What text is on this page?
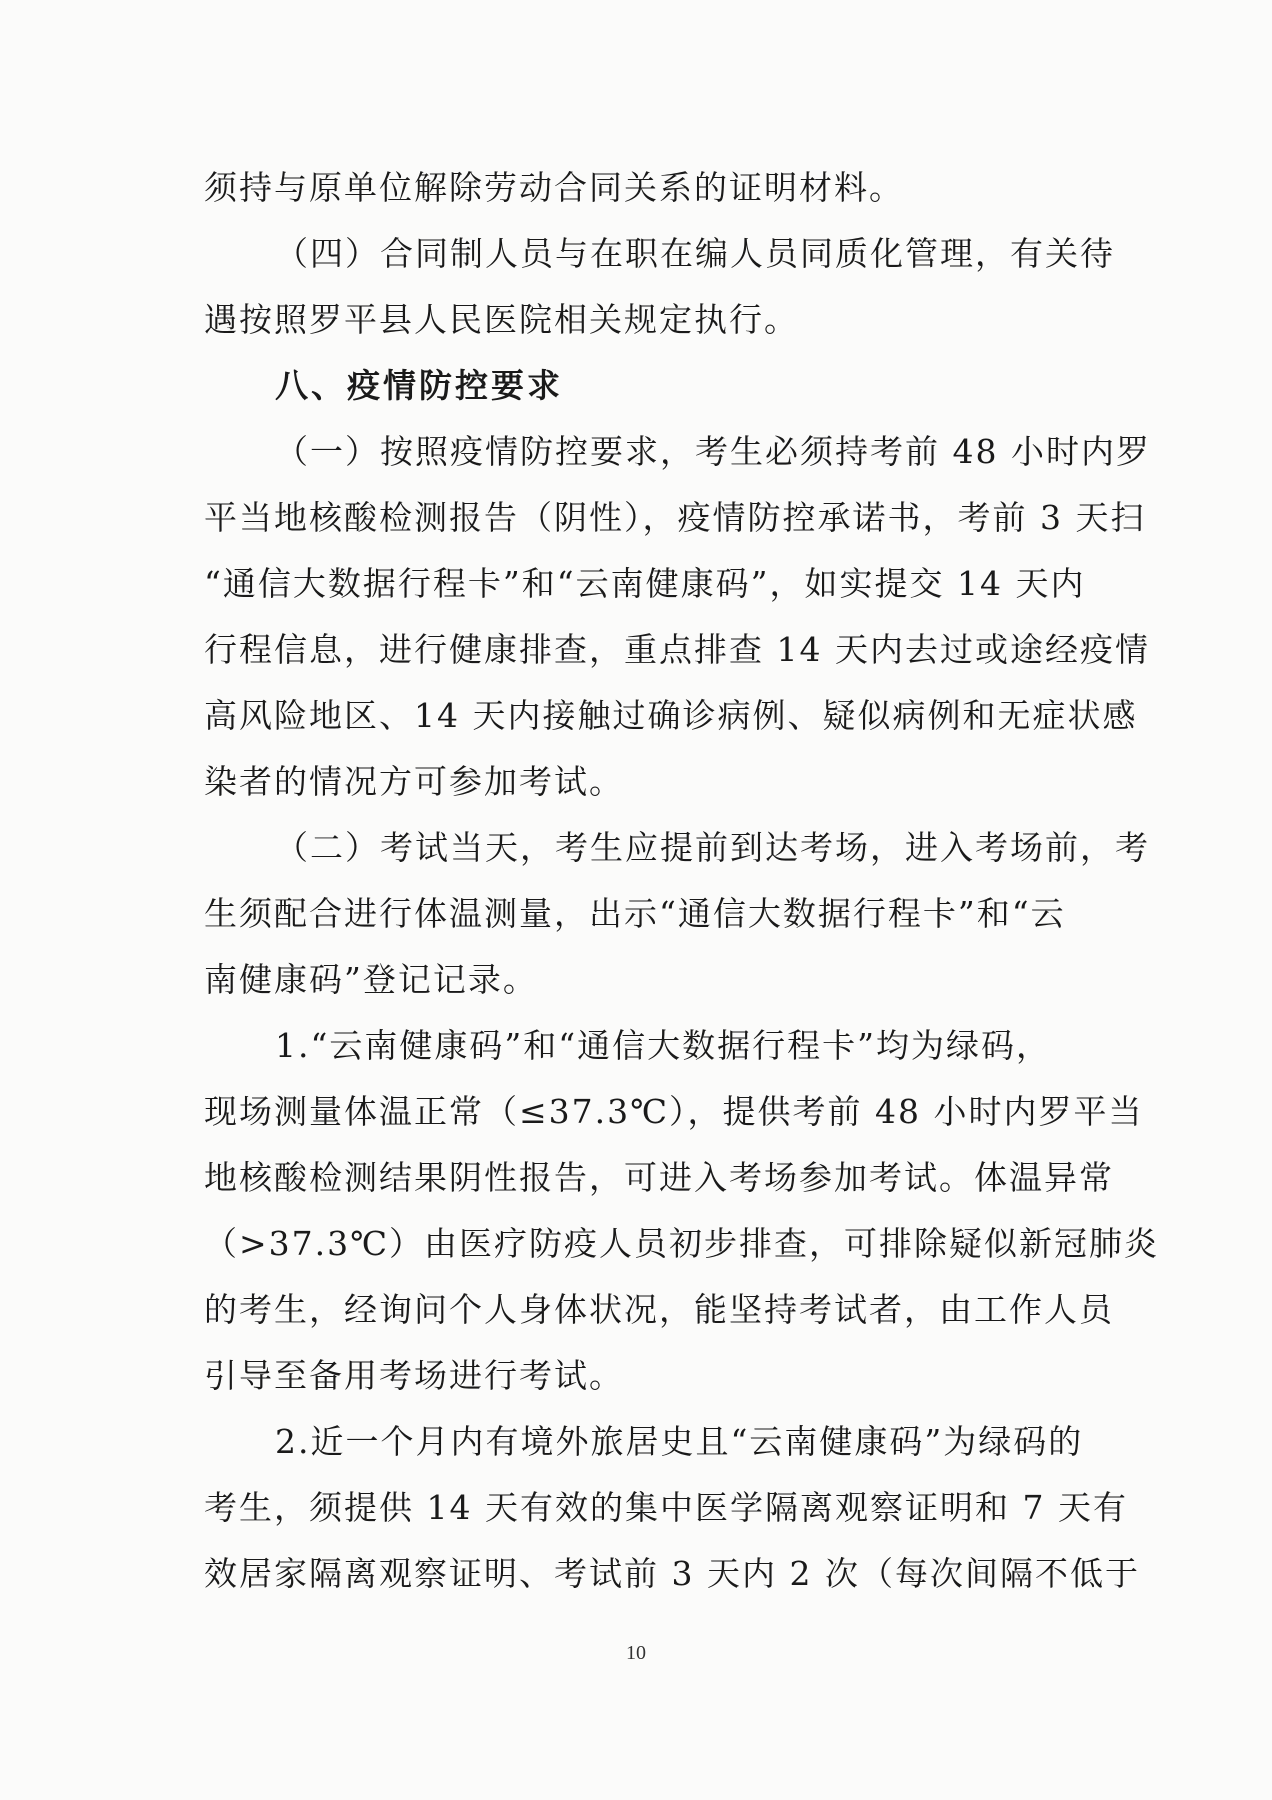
须持与原单位解除劳动合同关系的证明材料。
（四）合同制人员与在职在编人员同质化管理，有关待
遇按照罗平县人民医院相关规定执行。
八、疫情防控要求
（一）按照疫情防控要求，考生必须持考前 48 小时内罗
平当地核酸检测报告（阴性），疫情防控承诺书，考前 3 天扫
“通信大数据行程卡”和“云南健康码”，如实提交 14 天内
行程信息，进行健康排查，重点排查 14 天内去过或途经疫情
高风险地区、14 天内接触过确诊病例、疑似病例和无症状感
染者的情况方可参加考试。
（二）考试当天，考生应提前到达考场，进入考场前，考
生须配合进行体温测量，出示“通信大数据行程卡”和“云
南健康码”登记记录。
1.“云南健康码”和“通信大数据行程卡”均为绿码，
现场测量体温正常（≤37.3℃），提供考前 48 小时内罗平当
地核酸检测结果阴性报告，可进入考场参加考试。体温异常
（>37.3℃）由医疗防疫人员初步排查，可排除疑似新冠肺炎
的考生，经询问个人身体状况，能坚持考试者，由工作人员
引导至备用考场进行考试。
2.近一个月内有境外旅居史且“云南健康码”为绿码的
考生，须提供 14 天有效的集中医学隔离观察证明和 7 天有
效居家隔离观察证明、考试前 3 天内 2 次（每次间隔不低于
10
